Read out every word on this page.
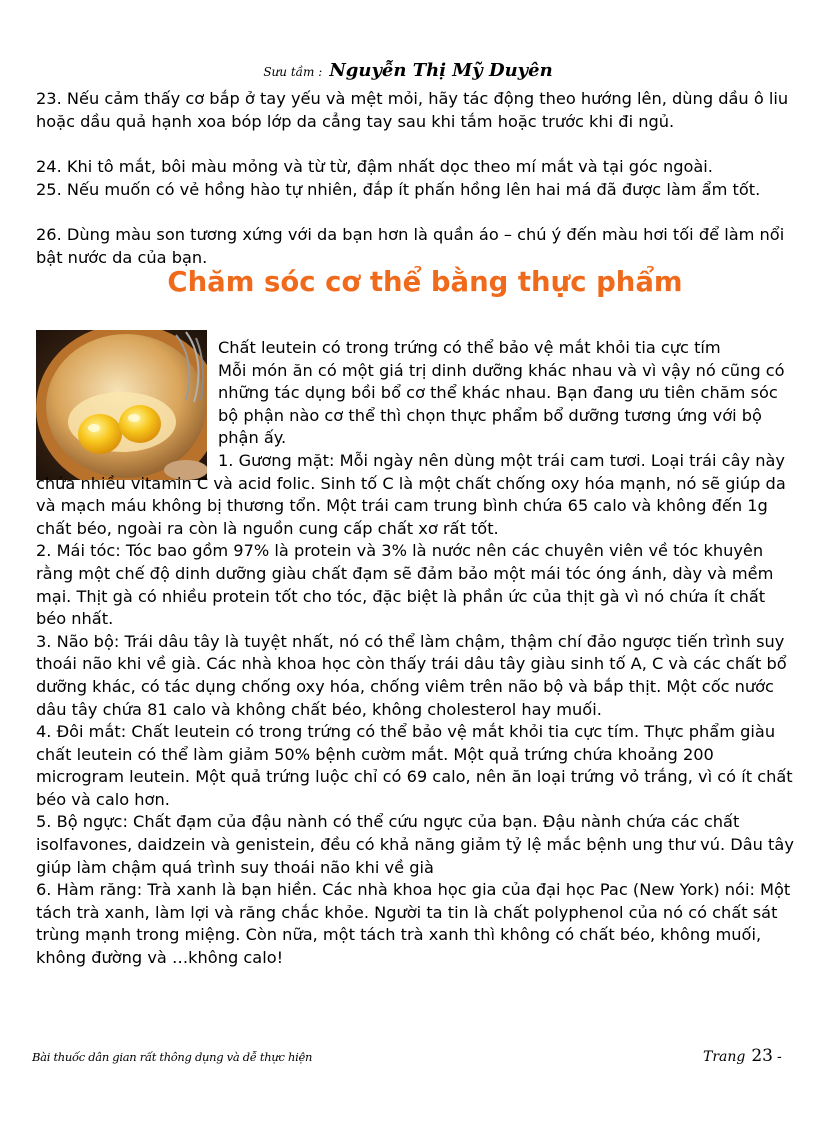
Sưu tầm : Nguyễn Thị Mỹ Duyên

23. Nếu cảm thấy cơ bắp ở tay yếu và mệt mỏi, hãy tác động theo hướng lên, dùng dầu ô liu hoặc dầu quả hạnh xoa bóp lớp da cẳng tay sau khi tắm hoặc trước khi đi ngủ.

24. Khi tô mắt, bôi màu mỏng và từ từ, đậm nhất dọc theo mí mắt và tại góc ngoài.

25. Nếu muốn có vẻ hồng hào tự nhiên, đắp ít phấn hồng lên hai má đã được làm ẩm tốt.

26. Dùng màu son tương xứng với da bạn hơn là quần áo – chú ý đến màu hơi tối để làm nổi bật nước da của bạn.

Chăm sóc cơ thể bằng thực phẩm
Chất leutein có trong trứng có thể bảo vệ mắt khỏi tia cực tím
Mỗi món ăn có một giá trị dinh dưỡng khác nhau và vì vậy nó cũng có những tác dụng bồi bổ cơ thể khác nhau. Bạn đang ưu tiên chăm sóc bộ phận nào cơ thể thì chọn thực phẩm bổ dưỡng tương ứng với bộ phận ấy.
1. Gương mặt: Mỗi ngày nên dùng một trái cam tươi. Loại trái cây này chứa nhiều vitamin C và acid folic. Sinh tố C là một chất chống oxy hóa mạnh, nó sẽ giúp da và mạch máu không bị thương tổn. Một trái cam trung bình chứa 65 calo và không đến 1g chất béo, ngoài ra còn là nguồn cung cấp chất xơ rất tốt.
2. Mái tóc: Tóc bao gồm 97% là protein và 3% là nước nên các chuyên viên về tóc khuyên rằng một chế độ dinh dưỡng giàu chất đạm sẽ đảm bảo một mái tóc óng ánh, dày và mềm mại. Thịt gà có nhiều protein tốt cho tóc, đặc biệt là phần ức của thịt gà vì nó chứa ít chất béo nhất.
3. Não bộ: Trái dâu tây là tuyệt nhất, nó có thể làm chậm, thậm chí đảo ngược tiến trình suy thoái não khi về già. Các nhà khoa học còn thấy trái dâu tây giàu sinh tố A, C và các chất bổ dưỡng khác, có tác dụng chống oxy hóa, chống viêm trên não bộ và bắp thịt. Một cốc nước dâu tây chứa 81 calo và không chất béo, không cholesterol hay muối.
4. Đôi mắt: Chất leutein có trong trứng có thể bảo vệ mắt khỏi tia cực tím. Thực phẩm giàu chất leutein có thể làm giảm 50% bệnh cườm mắt. Một quả trứng chứa khoảng 200 microgram leutein. Một quả trứng luộc chỉ có 69 calo, nên ăn loại trứng vỏ trắng, vì có ít chất béo và calo hơn.
5. Bộ ngực: Chất đạm của đậu nành có thể cứu ngực của bạn. Đậu nành chứa các chất isolfavones, daidzein và genistein, đều có khả năng giảm tỷ lệ mắc bệnh ung thư vú. Dâu tây giúp làm chậm quá trình suy thoái não khi về già
6. Hàm răng: Trà xanh là bạn hiền. Các nhà khoa học gia của đại học Pac (New York) nói: Một tách trà xanh, làm lợi và răng chắc khỏe. Người ta tin là chất polyphenol của nó có chất sát trùng mạnh trong miệng. Còn nữa, một tách trà xanh thì không có chất béo, không muối, không đường và …không calo!
Bài thuốc dân gian rất thông dụng và dễ thực hiện	Trang 23 -
